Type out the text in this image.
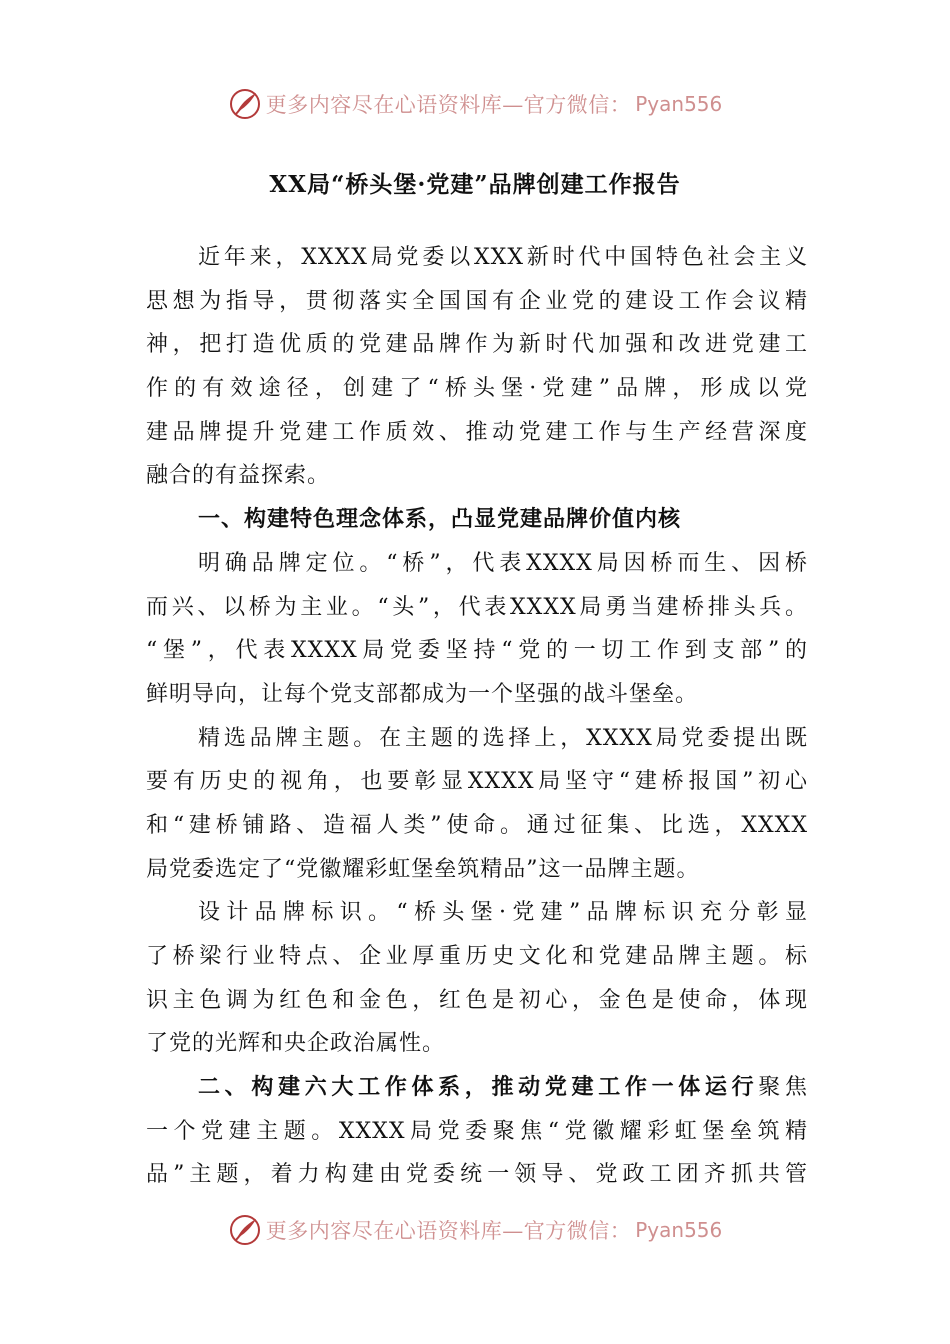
更多内容尽在心语资料库—官方微信： Pyan556
XX局“桥头堡·党建”品牌创建工作报告
近年来，XXXX局党委以XXX新时代中国特色社会主义
思想为指导，贯彻落实全国国有企业党的建设工作会议精
神，把打造优质的党建品牌作为新时代加强和改进党建工
作的有效途径，创建了“桥头堡·党建”品牌，形成以党
建品牌提升党建工作质效、推动党建工作与生产经营深度
融合的有益探索。
一、构建特色理念体系，凸显党建品牌价值内核
明确品牌定位。“桥”，代表XXXX局因桥而生、因桥
而兴、以桥为主业。“头”，代表XXXX局勇当建桥排头兵。
“堡”，代表XXXX局党委坚持“党的一切工作到支部”的
鲜明导向，让每个党支部都成为一个坚强的战斗堡垒。
精选品牌主题。在主题的选择上，XXXX局党委提出既
要有历史的视角，也要彰显XXXX局坚守“建桥报国”初心
和“建桥铺路、造福人类”使命。通过征集、比选，XXXX
局党委选定了“党徽耀彩虹堡垒筑精品”这一品牌主题。
设计品牌标识。“桥头堡·党建”品牌标识充分彰显
了桥梁行业特点、企业厚重历史文化和党建品牌主题。标
识主色调为红色和金色，红色是初心，金色是使命，体现
了党的光辉和央企政治属性。
二、构建六大工作体系，推动党建工作一体运行聚焦
一个党建主题。XXXX局党委聚焦“党徽耀彩虹堡垒筑精
品”主题，着力构建由党委统一领导、党政工团齐抓共管
更多内容尽在心语资料库—官方微信： Pyan556
